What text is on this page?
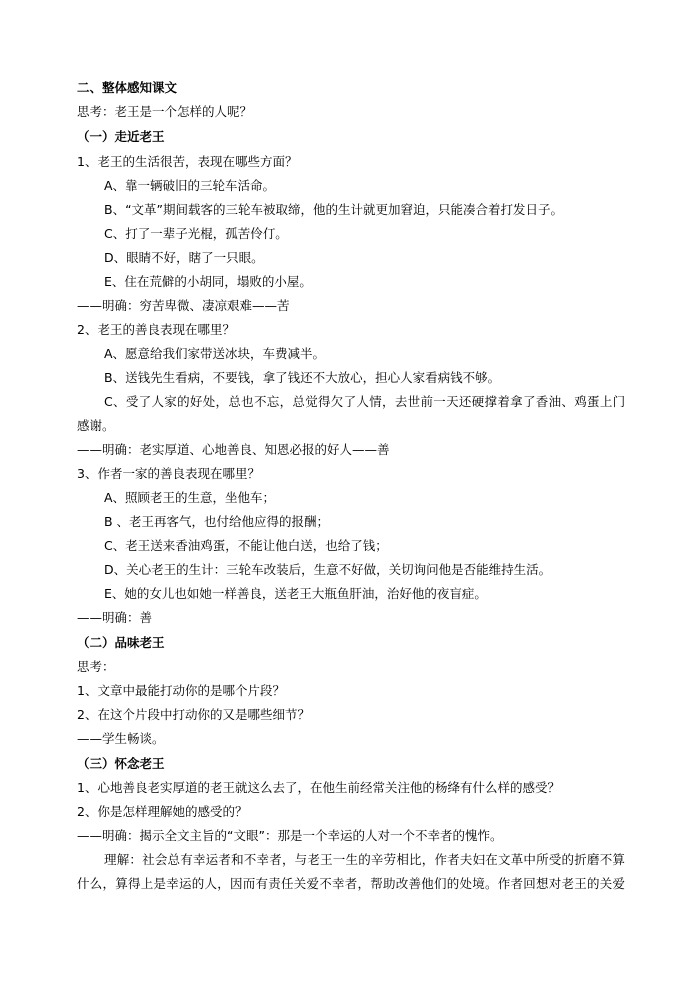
二、整体感知课文
思考：老王是一个怎样的人呢？
（一）走近老王
1、老王的生活很苦，表现在哪些方面？
A、靠一辆破旧的三轮车活命。
B、“文革”期间载客的三轮车被取缔，他的生计就更加窘迫，只能凑合着打发日子。
C、打了一辈子光棍，孤苦伶仃。
D、眼睛不好，瞎了一只眼。
E、住在荒僻的小胡同，塌败的小屋。
——明确：穷苦卑微、凄凉艰难——苦
2、老王的善良表现在哪里？
A、愿意给我们家带送冰块，车费减半。
B、送钱先生看病，不要钱，拿了钱还不大放心，担心人家看病钱不够。
C、受了人家的好处，总也不忘，总觉得欠了人情，去世前一天还硬撑着拿了香油、鸡蛋上门
感谢。
——明确：老实厚道、心地善良、知恩必报的好人——善
3、作者一家的善良表现在哪里？
A、照顾老王的生意，坐他车；
B 、老王再客气，也付给他应得的报酬；
C、老王送来香油鸡蛋，不能让他白送，也给了钱；
D、关心老王的生计：三轮车改装后，生意不好做，关切询问他是否能维持生活。
E、她的女儿也如她一样善良，送老王大瓶鱼肝油，治好他的夜盲症。
——明确：善
（二）品味老王
思考：
1、文章中最能打动你的是哪个片段？
2、在这个片段中打动你的又是哪些细节？
——学生畅谈。
（三）怀念老王
1、心地善良老实厚道的老王就这么去了，在他生前经常关注他的杨绛有什么样的感受？
2、你是怎样理解她的感受的？
——明确：揭示全文主旨的“文眼”：那是一个幸运的人对一个不幸者的愧怍。
理解：社会总有幸运者和不幸者，与老王一生的辛劳相比，作者夫妇在文革中所受的折磨不算
什么，算得上是幸运的人，因而有责任关爱不幸者，帮助改善他们的处境。作者回想对老王的关爱
